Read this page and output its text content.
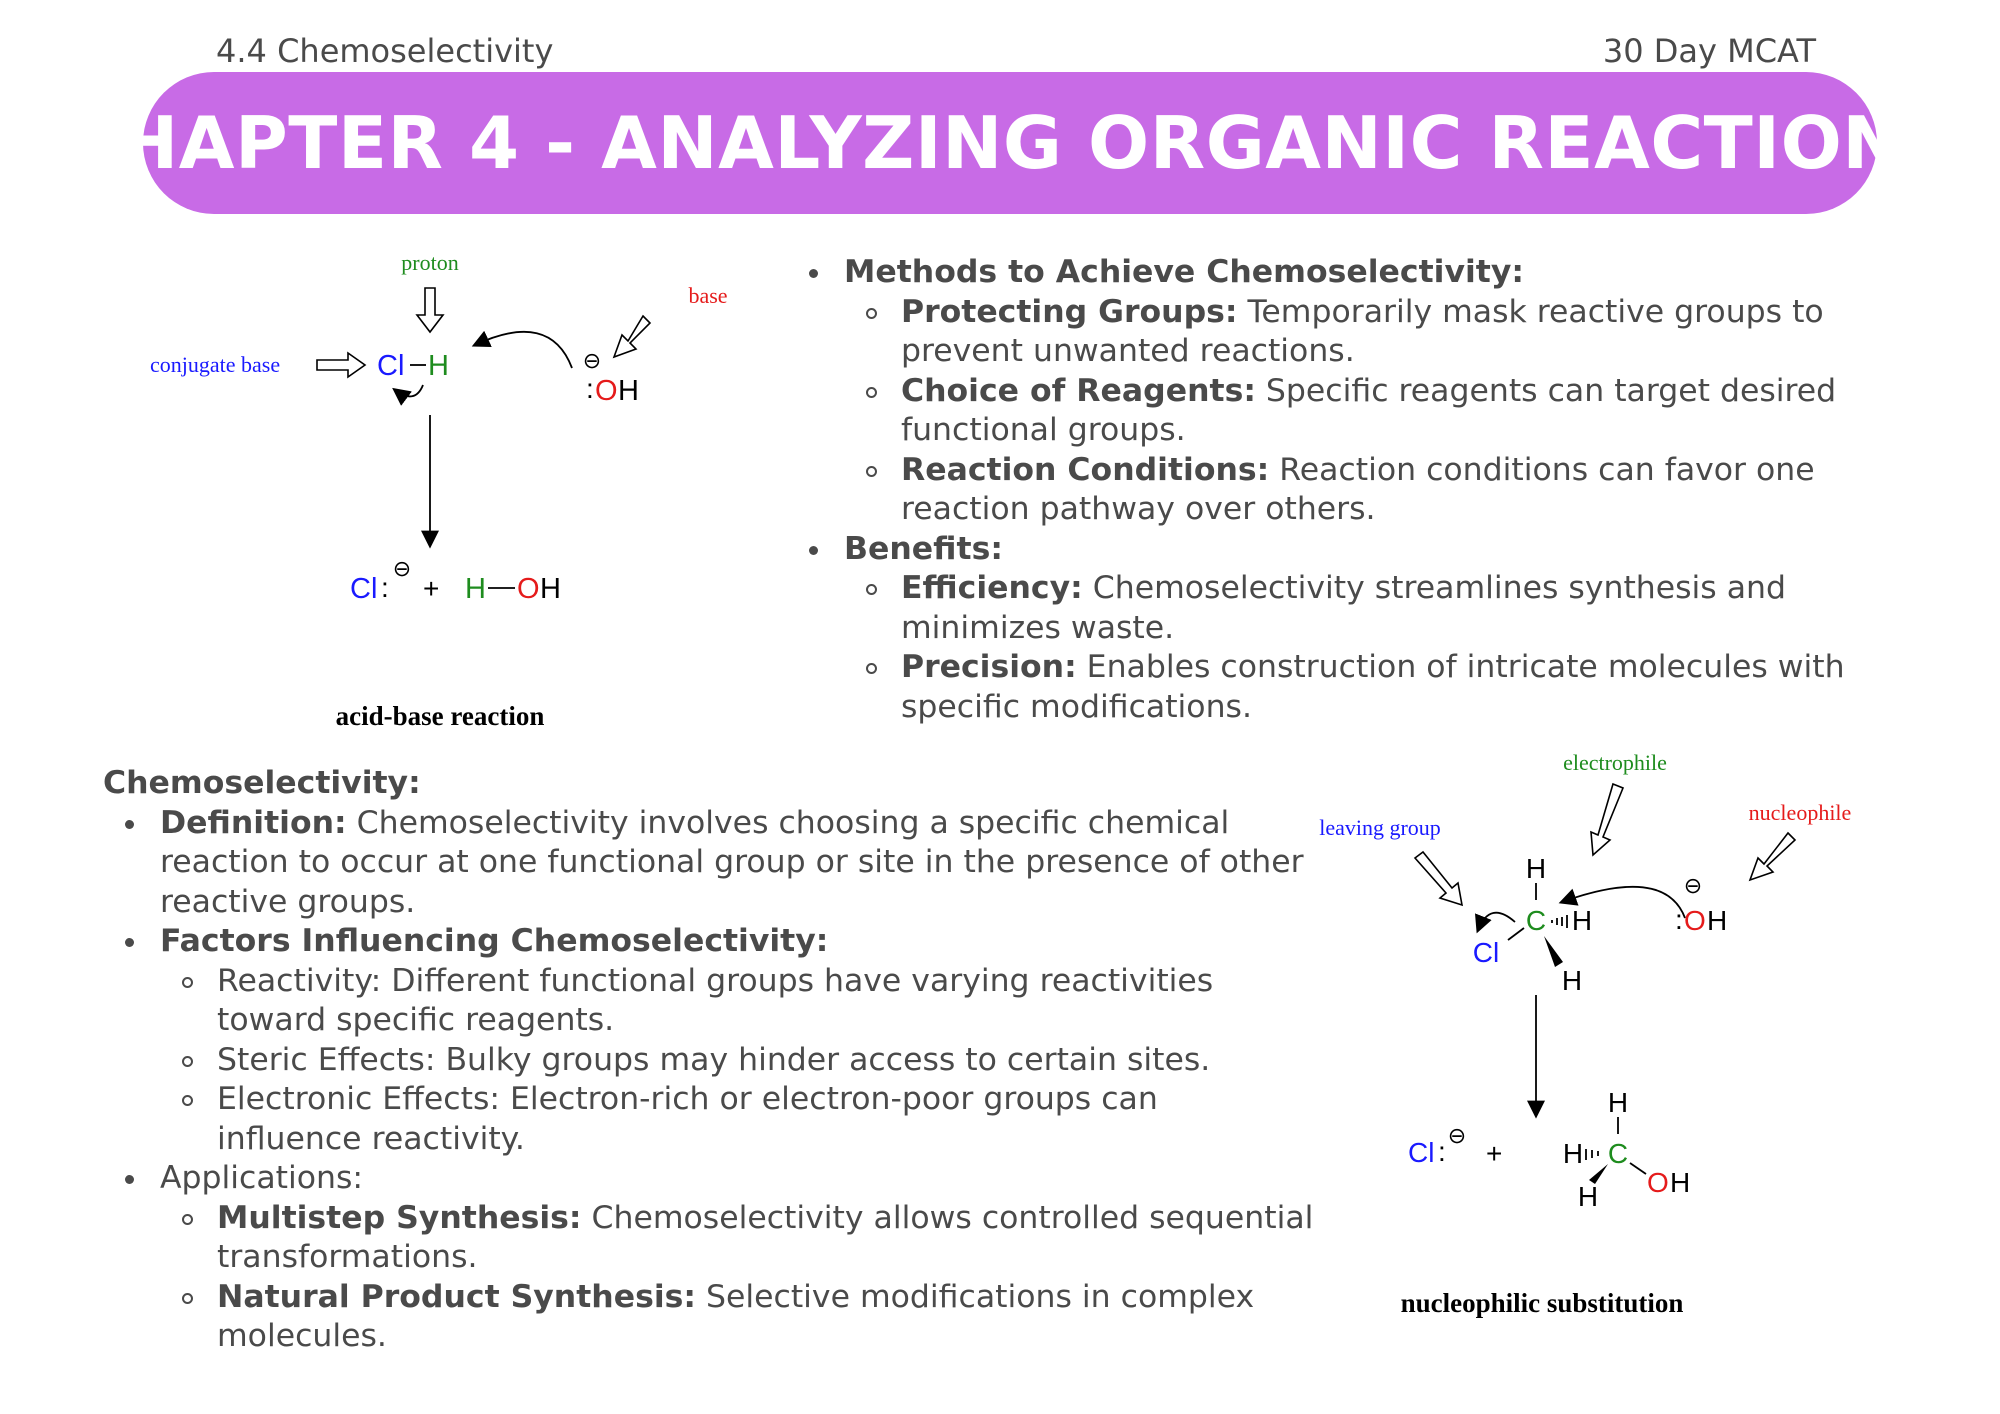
4.4 Chemoselectivity	30 Day MCAT
CHAPTER 4 - ANALYZING ORGANIC REACTIONS
proton
base
conjugate base	Cl H	⊖
: O H
Cl :
⊖
+ H O H
acid-base reaction
Methods to Achieve Chemoselectivity:
Protecting Groups: Temporarily mask reactive groups to prevent unwanted reactions.
Choice of Reagents: Specific reagents can target desired functional groups.
Reaction Conditions: Reaction conditions can favor one reaction pathway over others.
Benefits:
Efficiency: Chemoselectivity streamlines synthesis and minimizes waste.
Precision: Enables construction of intricate molecules with specific modifications.
Chemoselectivity:
Definition: Chemoselectivity involves choosing a specific chemical reaction to occur at one functional group or site in the presence of other reactive groups.
Factors Influencing Chemoselectivity:
Reactivity: Different functional groups have varying reactivities toward specific reagents.
Steric Effects: Bulky groups may hinder access to certain sites.
Electronic Effects: Electron-rich or electron-poor groups can influence reactivity.
Applications:
Multistep Synthesis: Chemoselectivity allows controlled sequential transformations.
Natural Product Synthesis: Selective modifications in complex molecules.
electrophile
leaving group
nucleophile
H
C
Cl
H
H
⊖
: O H
Cl :
⊖
+
H
C
H
H O H
nucleophilic substitution
